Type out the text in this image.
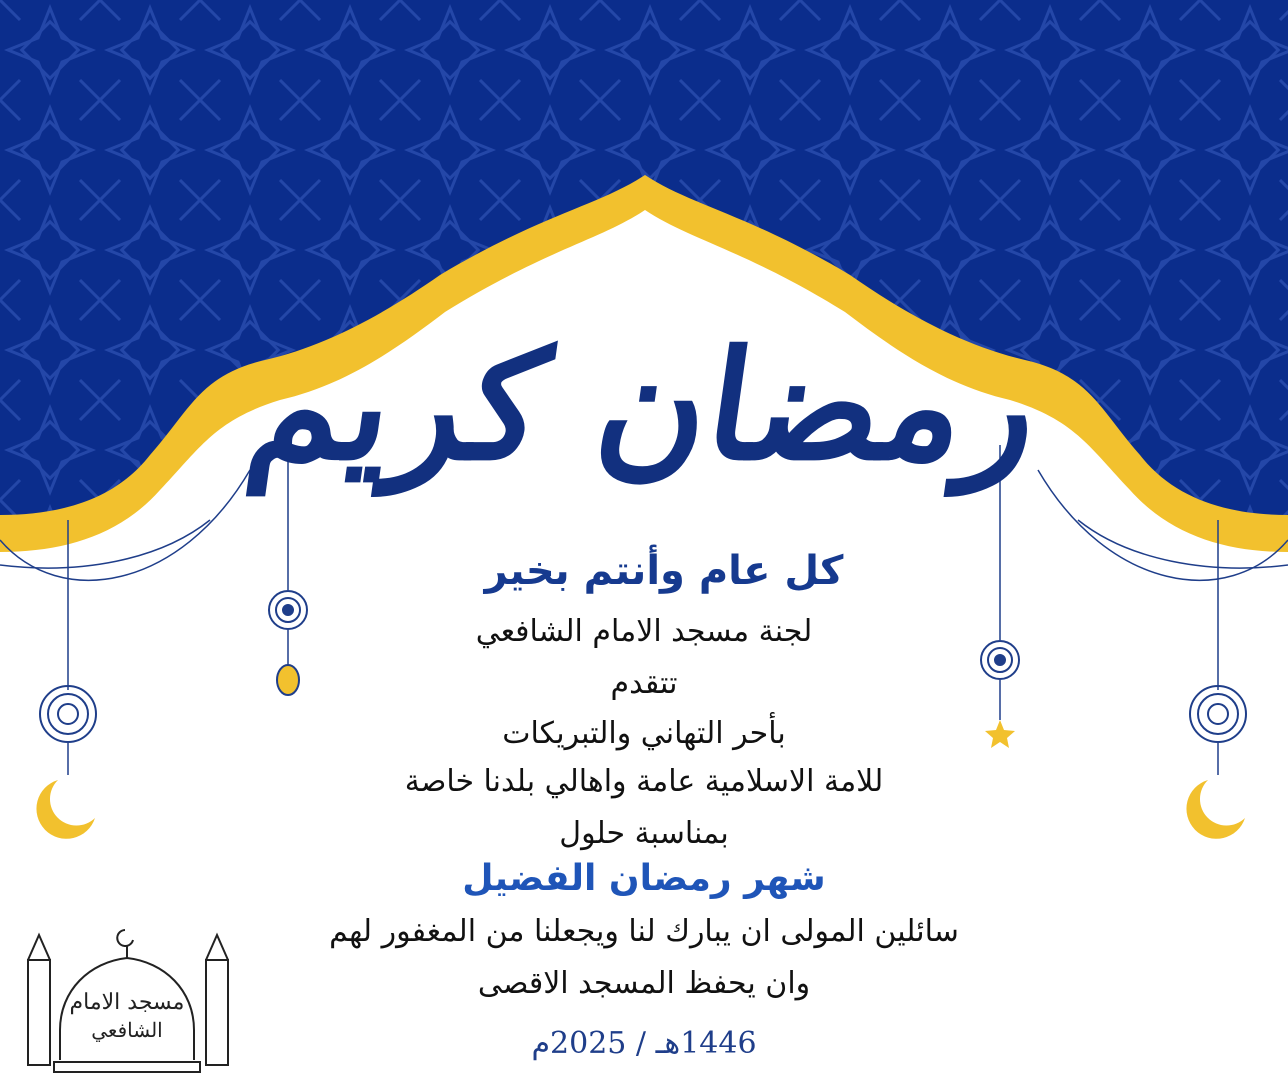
رمضان كريم
كل عام وأنتم بخير
لجنة مسجد الامام الشافعي
تتقدم
بأحر التهاني والتبريكات
للامة الاسلامية عامة واهالي بلدنا خاصة
بمناسبة حلول
شهر رمضان الفضيل
سائلين المولى ان يبارك لنا ويجعلنا من المغفور لهم
وان يحفظ المسجد الاقصى
1446هـ / 2025م
مسجد الامام
الشافعي
